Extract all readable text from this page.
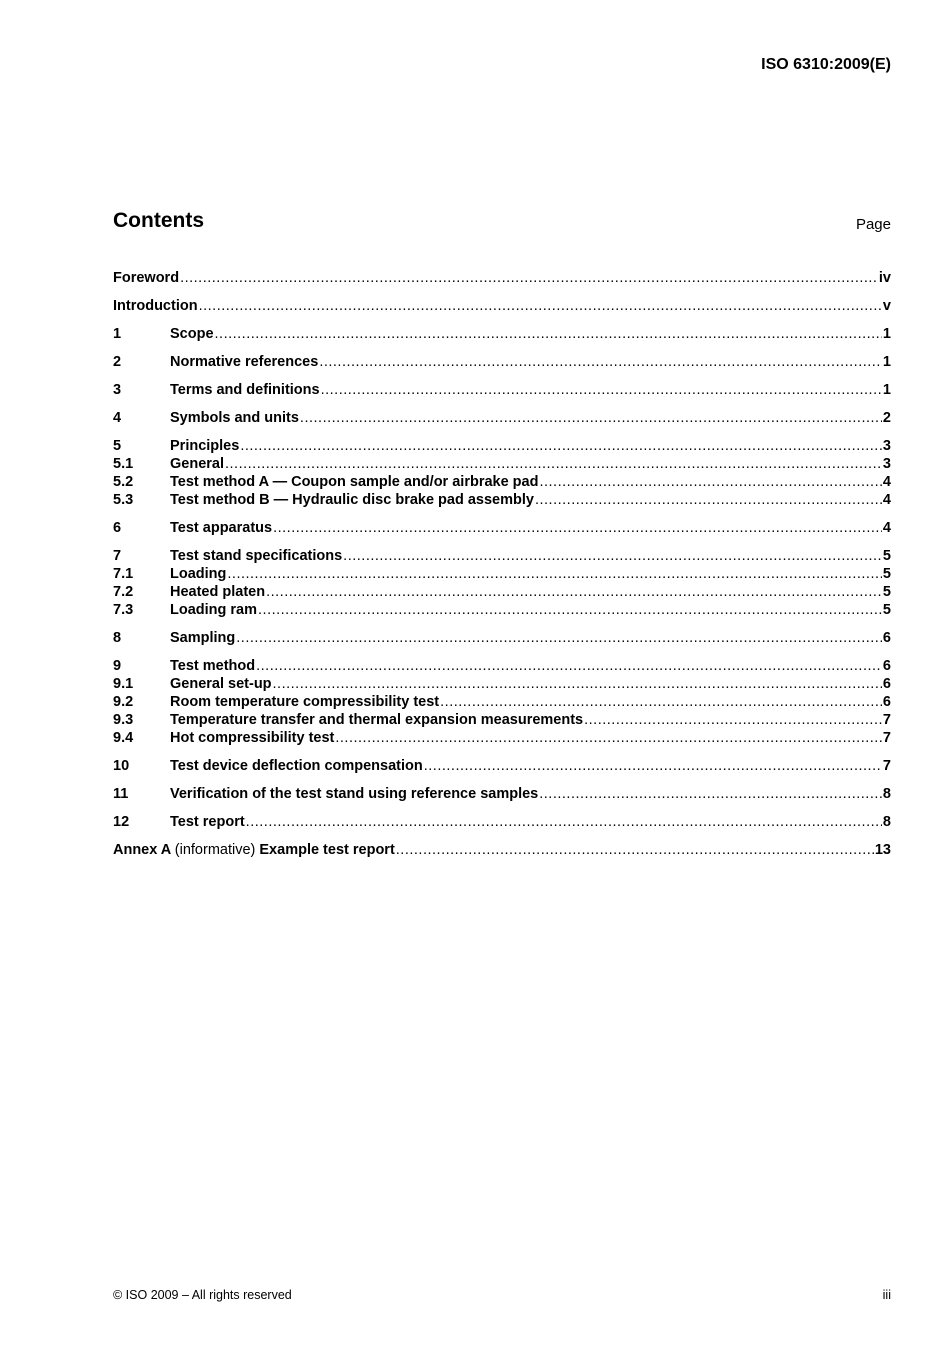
ISO 6310:2009(E)
Contents	Page
Foreword .....	iv
Introduction .....	v
1	Scope .....	1
2	Normative references .....	1
3	Terms and definitions .....	1
4	Symbols and units .....	2
5	Principles .....	3
5.1	General .....	3
5.2	Test method A — Coupon sample and/or airbrake pad .....	4
5.3	Test method B — Hydraulic disc brake pad assembly .....	4
6	Test apparatus .....	4
7	Test stand specifications .....	5
7.1	Loading .....	5
7.2	Heated platen .....	5
7.3	Loading ram .....	5
8	Sampling .....	6
9	Test method .....	6
9.1	General set-up .....	6
9.2	Room temperature compressibility test .....	6
9.3	Temperature transfer and thermal expansion measurements .....	7
9.4	Hot compressibility test .....	7
10	Test device deflection compensation .....	7
11	Verification of the test stand using reference samples .....	8
12	Test report .....	8
Annex A (informative) Example test report .....	13
© ISO 2009 – All rights reserved	iii
